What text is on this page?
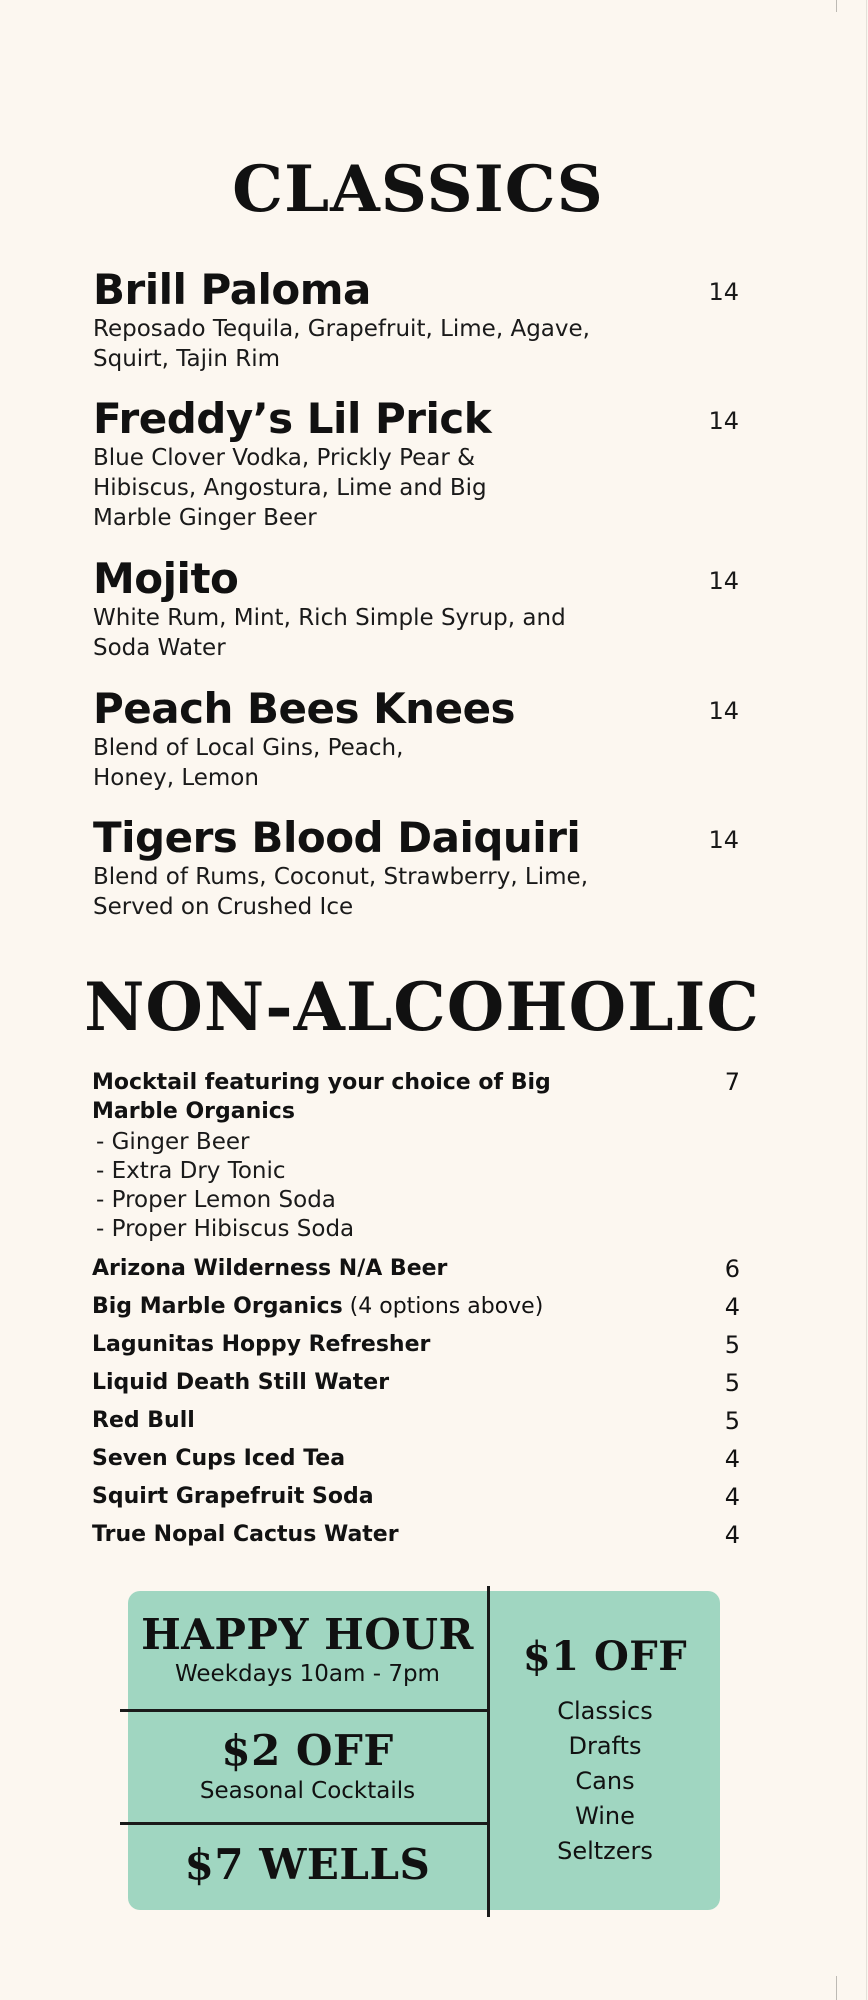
CLASSICS
Brill Paloma
Reposado Tequila, Grapefruit, Lime, Agave, Squirt, Tajin Rim
14
Freddy’s Lil Prick
Blue Clover Vodka, Prickly Pear & Hibiscus, Angostura, Lime and Big Marble Ginger Beer
14
Mojito
White Rum, Mint, Rich Simple Syrup, and Soda Water
14
Peach Bees Knees
Blend of Local Gins, Peach, Honey, Lemon
14
Tigers Blood Daiquiri
Blend of Rums, Coconut, Strawberry, Lime, Served on Crushed Ice
14
NON-ALCOHOLIC
Mocktail featuring your choice of Big Marble Organics
7
- Ginger Beer
- Extra Dry Tonic
- Proper Lemon Soda
- Proper Hibiscus Soda
Arizona Wilderness N/A Beer	6
Big Marble Organics (4 options above)	4
Lagunitas Hoppy Refresher	5
Liquid Death Still Water	5
Red Bull	5
Seven Cups Iced Tea	4
Squirt Grapefruit Soda	4
True Nopal Cactus Water	4
HAPPY HOUR
Weekdays 10am - 7pm
$2 OFF
Seasonal Cocktails
$7 WELLS
$1 OFF
Classics
Drafts
Cans
Wine
Seltzers
